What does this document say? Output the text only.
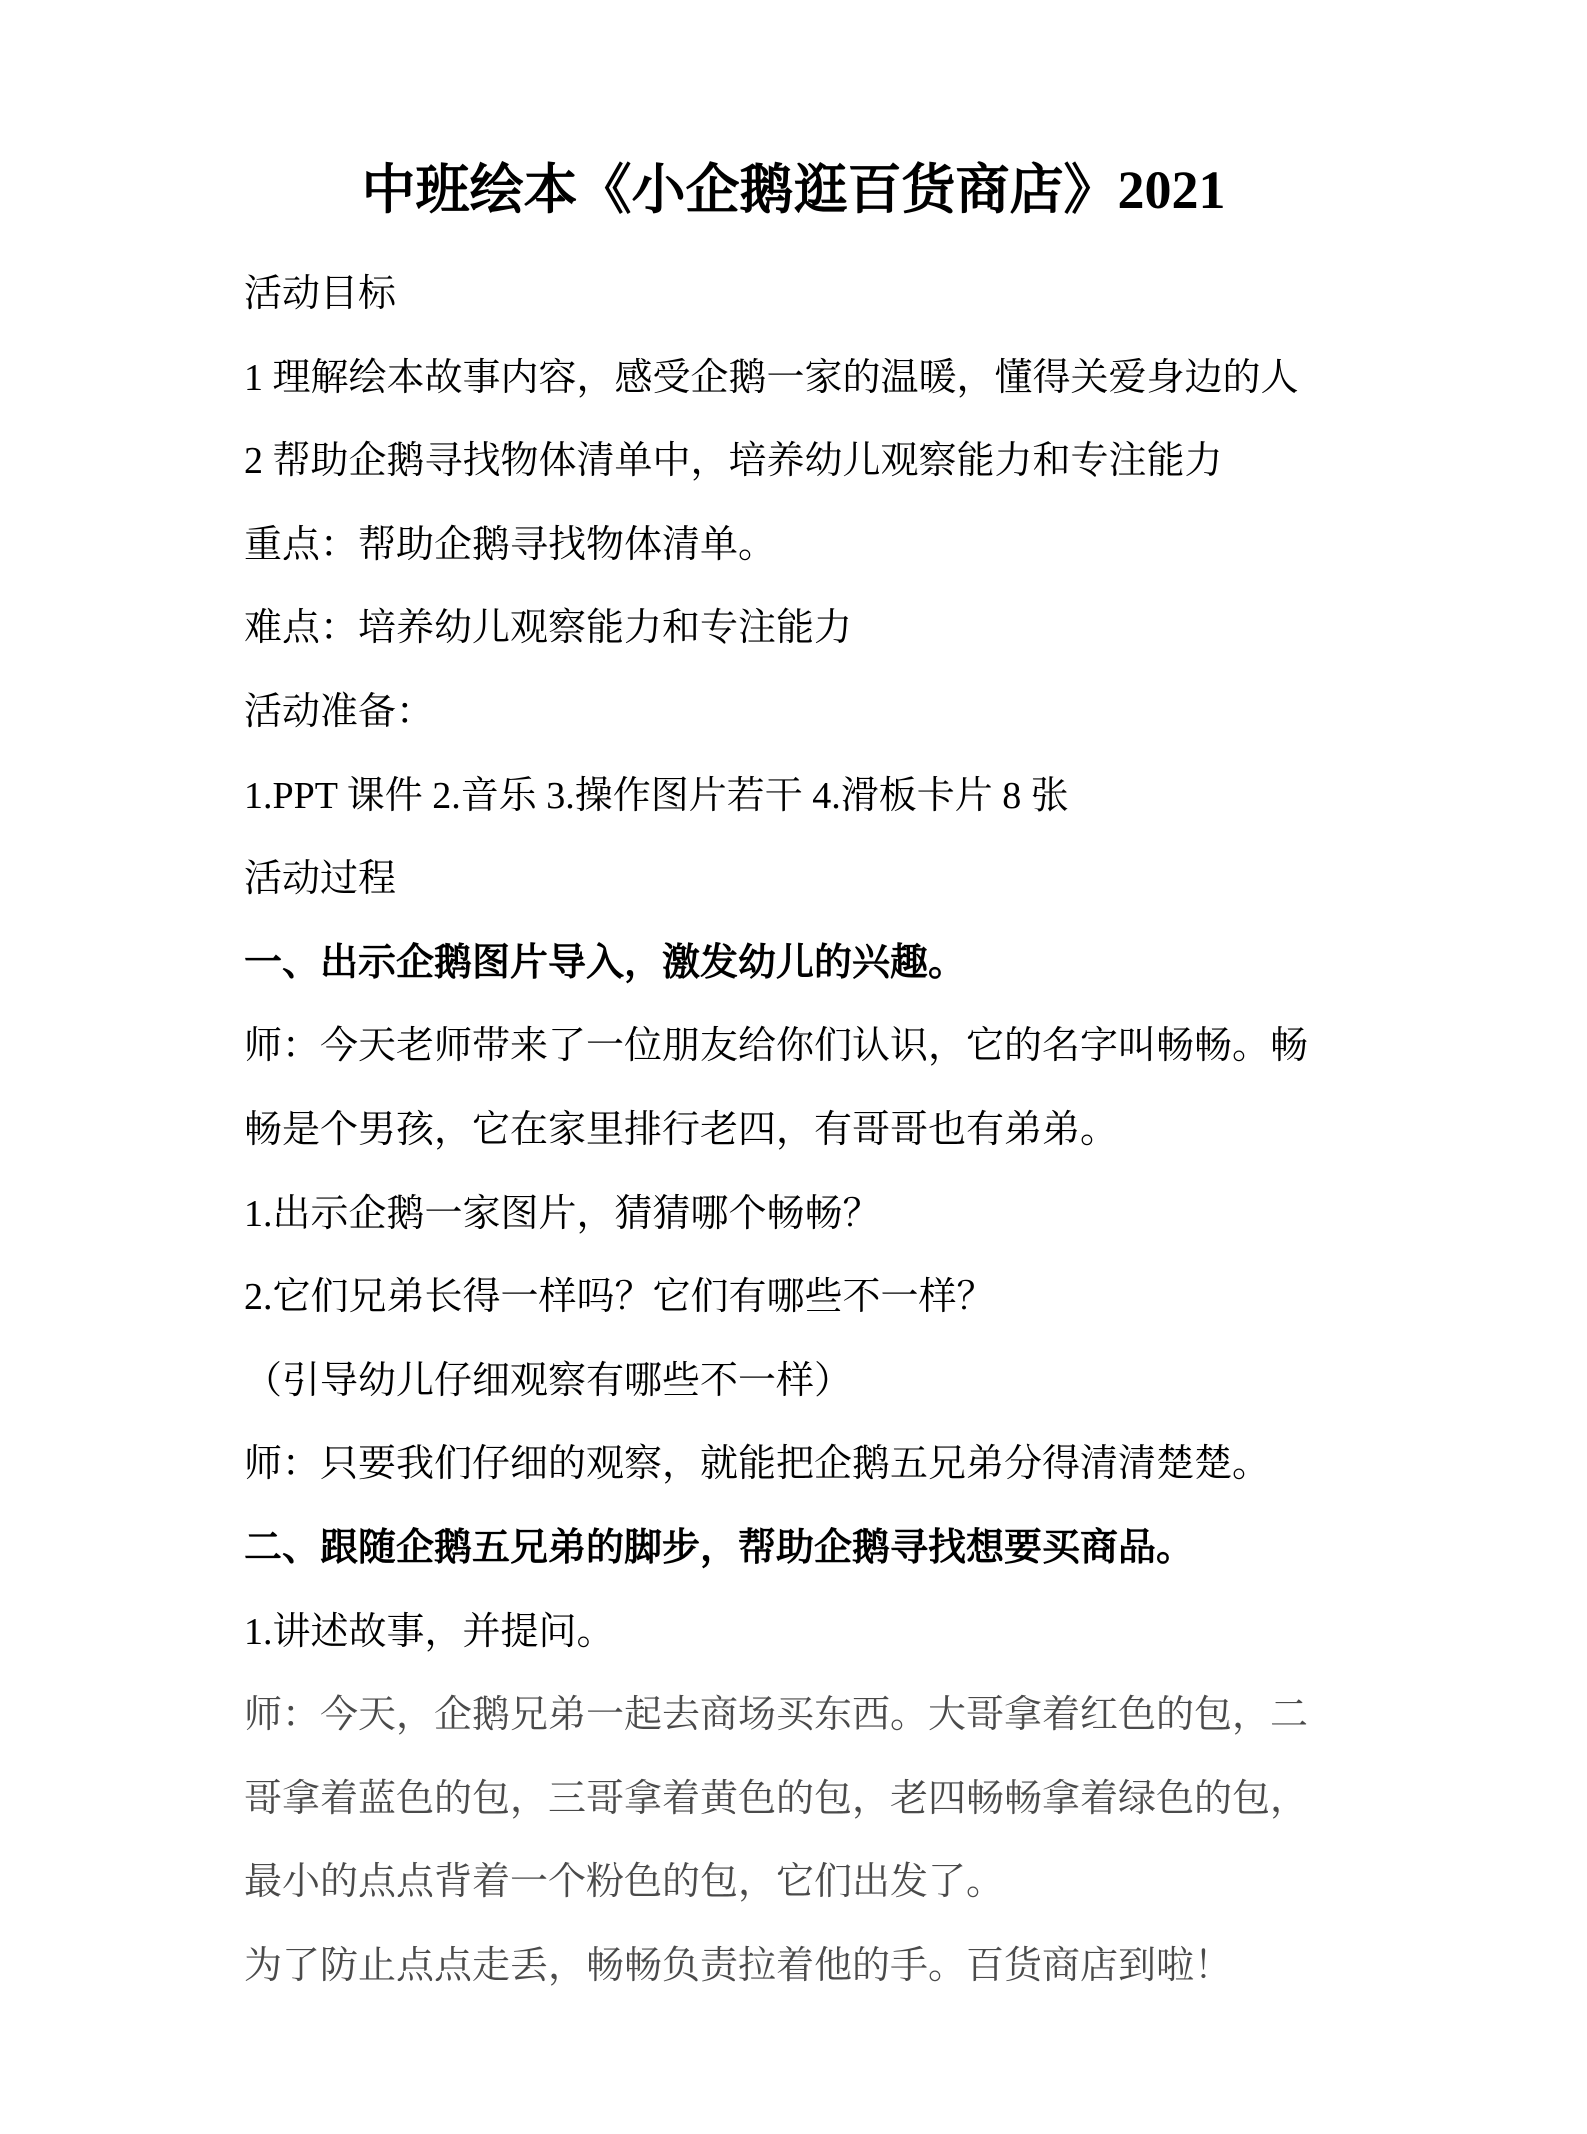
中班绘本《小企鹅逛百货商店》2021
活动目标
1 理解绘本故事内容，感受企鹅一家的温暖，懂得关爱身边的人
2 帮助企鹅寻找物体清单中，培养幼儿观察能力和专注能力
重点：帮助企鹅寻找物体清单。
难点：培养幼儿观察能力和专注能力
活动准备：
1.PPT 课件 2.音乐 3.操作图片若干 4.滑板卡片 8 张
活动过程
一、出示企鹅图片导入，激发幼儿的兴趣。
师：今天老师带来了一位朋友给你们认识，它的名字叫畅畅。畅
畅是个男孩，它在家里排行老四，有哥哥也有弟弟。
1.出示企鹅一家图片，猜猜哪个畅畅？
2.它们兄弟长得一样吗？它们有哪些不一样？
（引导幼儿仔细观察有哪些不一样）
师：只要我们仔细的观察，就能把企鹅五兄弟分得清清楚楚。
二、跟随企鹅五兄弟的脚步，帮助企鹅寻找想要买商品。
1.讲述故事，并提问。
师：今天，企鹅兄弟一起去商场买东西。大哥拿着红色的包，二
哥拿着蓝色的包，三哥拿着黄色的包，老四畅畅拿着绿色的包，
最小的点点背着一个粉色的包，它们出发了。
为了防止点点走丢，畅畅负责拉着他的手。百货商店到啦！
